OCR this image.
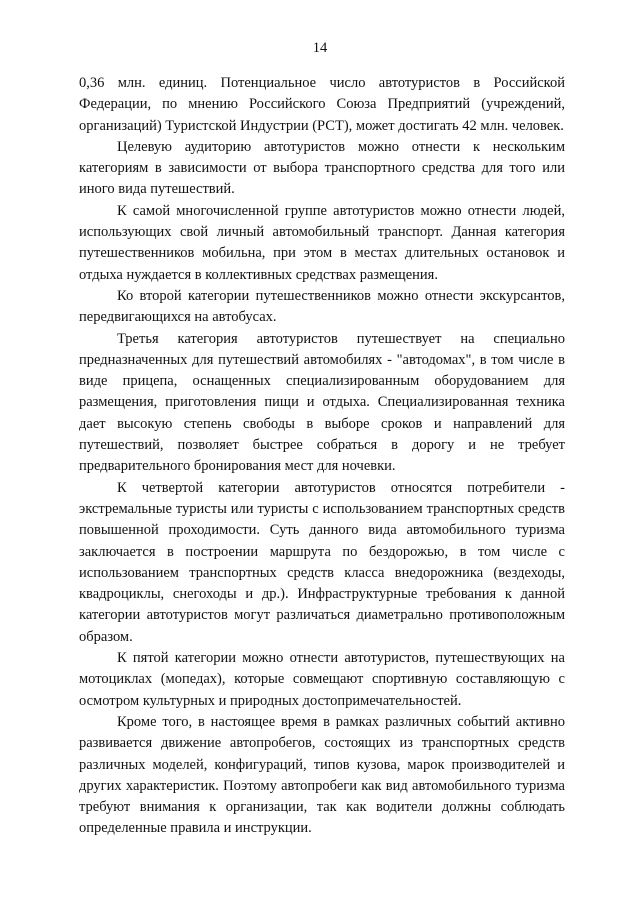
14

0,36 млн. единиц. Потенциальное число автотуристов в Российской Федерации, по мнению Российского Союза Предприятий (учреждений, организаций) Туристской Индустрии (РСТ), может достигать 42 млн. человек.

Целевую аудиторию автотуристов можно отнести к нескольким категориям в зависимости от выбора транспортного средства для того или иного вида путешествий.

К самой многочисленной группе автотуристов можно отнести людей, использующих свой личный автомобильный транспорт. Данная категория путешественников мобильна, при этом в местах длительных остановок и отдыха нуждается в коллективных средствах размещения.

Ко второй категории путешественников можно отнести экскурсантов, передвигающихся на автобусах.

Третья категория автотуристов путешествует на специально предназначенных для путешествий автомобилях - "автодомах", в том числе в виде прицепа, оснащенных специализированным оборудованием для размещения, приготовления пищи и отдыха. Специализированная техника дает высокую степень свободы в выборе сроков и направлений для путешествий, позволяет быстрее собраться в дорогу и не требует предварительного бронирования мест для ночевки.

К четвертой категории автотуристов относятся потребители - экстремальные туристы или туристы с использованием транспортных средств повышенной проходимости. Суть данного вида автомобильного туризма заключается в построении маршрута по бездорожью, в том числе с использованием транспортных средств класса внедорожника (вездеходы, квадроциклы, снегоходы и др.). Инфраструктурные требования к данной категории автотуристов могут различаться диаметрально противоположным образом.

К пятой категории можно отнести автотуристов, путешествующих на мотоциклах (мопедах), которые совмещают спортивную составляющую с осмотром культурных и природных достопримечательностей.

Кроме того, в настоящее время в рамках различных событий активно развивается движение автопробегов, состоящих из транспортных средств различных моделей, конфигураций, типов кузова, марок производителей и других характеристик. Поэтому автопробеги как вид автомобильного туризма требуют внимания к организации, так как водители должны соблюдать определенные правила и инструкции.
